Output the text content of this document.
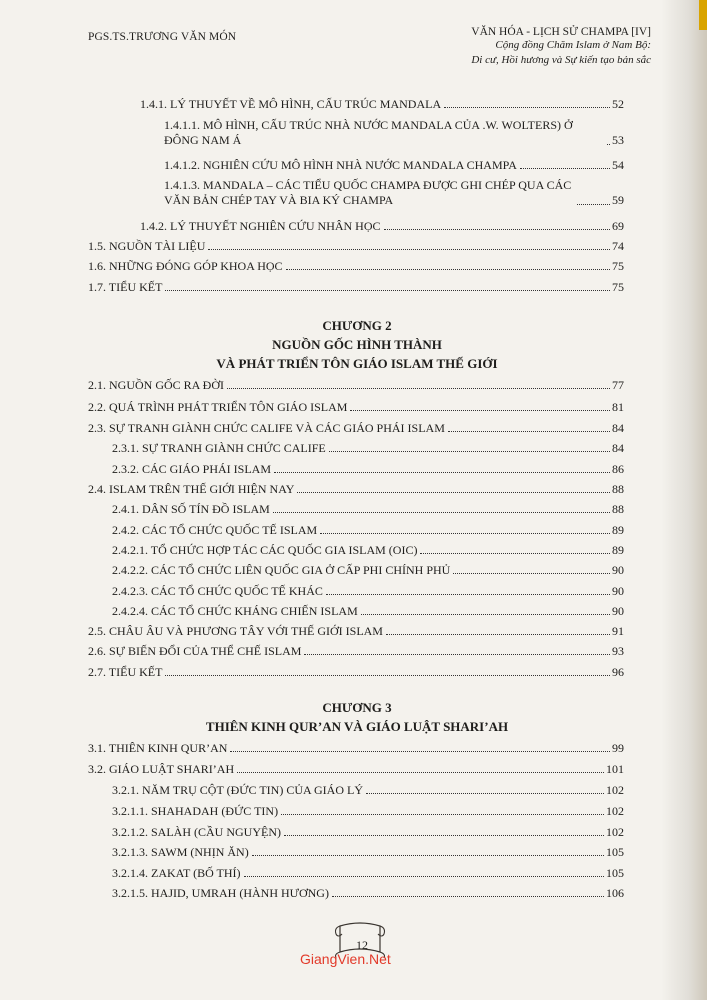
PGS.TS.TRƯƠNG VĂN MÓN	VĂN HÓA - LỊCH SỬ CHAMPA [IV]
Cộng đồng Chăm Islam ở Nam Bộ:
Di cư, Hồi hương và Sự kiến tạo bản sắc
1.4.1. LÝ THUYẾT VỀ MÔ HÌNH, CẤU TRÚC MANDALA	52
1.4.1.1. MÔ HÌNH, CẤU TRÚC NHÀ NƯỚC MANDALA CỦA .W. WOLTERS) Ở ĐÔNG NAM Á	53
1.4.1.2. NGHIÊN CỨU MÔ HÌNH NHÀ NƯỚC MANDALA CHAMPA	54
1.4.1.3. MANDALA – CÁC TIỂU QUỐC CHAMPA ĐƯỢC GHI CHÉP QUA CÁC VĂN BẢN CHÉP TAY VÀ BIA KÝ CHAMPA	59
1.4.2. LÝ THUYẾT NGHIÊN CỨU NHÂN HỌC	69
1.5. NGUỒN TÀI LIỆU	74
1.6. NHỮNG ĐÓNG GÓP KHOA HỌC	75
1.7. TIỂU KẾT	75
CHƯƠNG 2
NGUỒN GỐC HÌNH THÀNH
VÀ PHÁT TRIỂN TÔN GIÁO ISLAM THẾ GIỚI
2.1. NGUỒN GỐC RA ĐỜI	77
2.2. QUÁ TRÌNH PHÁT TRIỂN TÔN GIÁO ISLAM	81
2.3. SỰ TRANH GIÀNH CHỨC CALIFE VÀ CÁC GIÁO PHÁI ISLAM	84
2.3.1. SỰ TRANH GIÀNH CHỨC CALIFE	84
2.3.2. CÁC GIÁO PHÁI ISLAM	86
2.4. ISLAM TRÊN THẾ GIỚI HIỆN NAY	88
2.4.1. DÂN SỐ TÍN ĐỒ ISLAM	88
2.4.2. CÁC TỔ CHỨC QUỐC TẾ ISLAM	89
2.4.2.1. TỔ CHỨC HỢP TÁC CÁC QUỐC GIA ISLAM (OIC)	89
2.4.2.2. CÁC TỔ CHỨC LIÊN QUỐC GIA Ở CẤP PHI CHÍNH PHỦ	90
2.4.2.3. CÁC TỔ CHỨC QUỐC TẾ KHÁC	90
2.4.2.4. CÁC TỔ CHỨC KHÁNG CHIẾN ISLAM	90
2.5. CHÂU ÂU VÀ PHƯƠNG TÂY VỚI THẾ GIỚI ISLAM	91
2.6. SỰ BIẾN ĐỔI CỦA THỂ CHẾ ISLAM	93
2.7. TIỂU KẾT	96
CHƯƠNG 3
THIÊN KINH QUR’AN VÀ GIÁO LUẬT SHARI’AH
3.1. THIÊN KINH QUR’AN	99
3.2. GIÁO LUẬT SHARI’AH	101
3.2.1. NĂM TRỤ CỘT (ĐỨC TIN) CỦA GIÁO LÝ	102
3.2.1.1. SHAHADAH (ĐỨC TIN)	102
3.2.1.2. SALÀH (CẦU NGUYỆN)	102
3.2.1.3. SAWM (NHỊN ĂN)	105
3.2.1.4. ZAKAT (BỐ THÍ)	105
3.2.1.5. HAJID, UMRAH (HÀNH HƯƠNG)	106
12
GiangVien.Net
